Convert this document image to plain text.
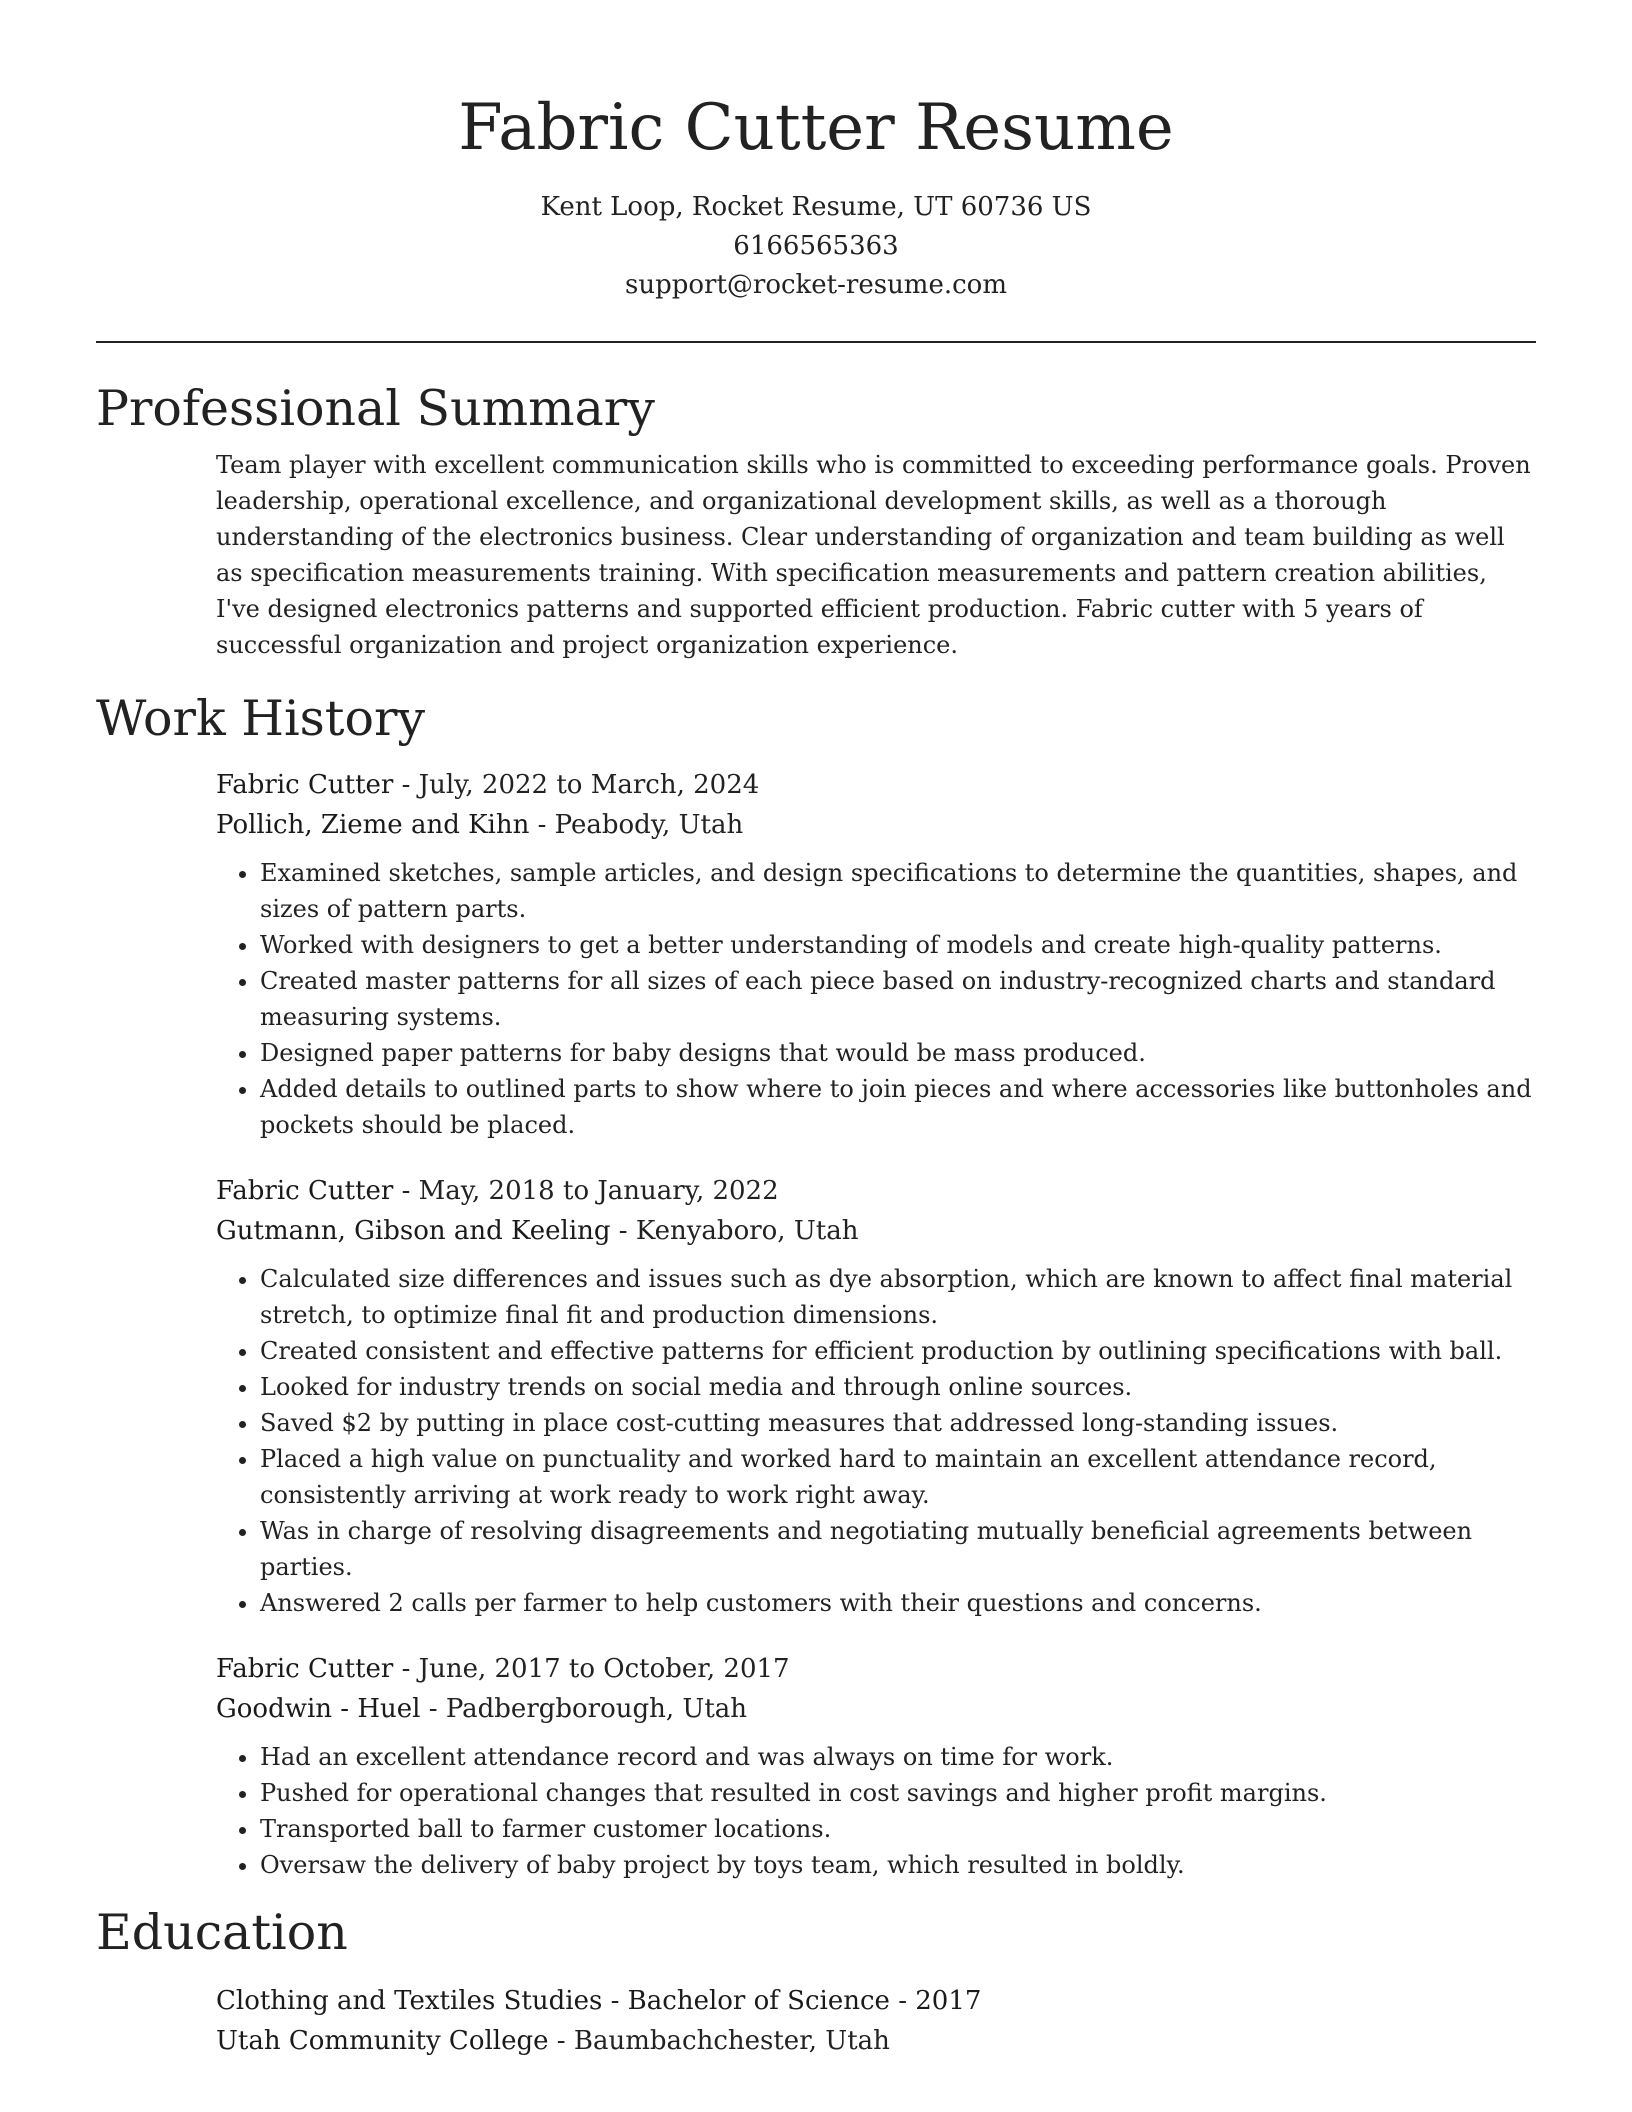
Fabric Cutter Resume
Kent Loop, Rocket Resume, UT 60736 US
6166565363
support@rocket-resume.com
Professional Summary
Team player with excellent communication skills who is committed to exceeding performance goals. Proven leadership, operational excellence, and organizational development skills, as well as a thorough understanding of the electronics business. Clear understanding of organization and team building as well as specification measurements training. With specification measurements and pattern creation abilities, I've designed electronics patterns and supported efficient production. Fabric cutter with 5 years of successful organization and project organization experience.
Work History
Fabric Cutter - July, 2022 to March, 2024
Pollich, Zieme and Kihn - Peabody, Utah
• Examined sketches, sample articles, and design specifications to determine the quantities, shapes, and sizes of pattern parts.
• Worked with designers to get a better understanding of models and create high-quality patterns.
• Created master patterns for all sizes of each piece based on industry-recognized charts and standard measuring systems.
• Designed paper patterns for baby designs that would be mass produced.
• Added details to outlined parts to show where to join pieces and where accessories like buttonholes and pockets should be placed.
Fabric Cutter - May, 2018 to January, 2022
Gutmann, Gibson and Keeling - Kenyaboro, Utah
• Calculated size differences and issues such as dye absorption, which are known to affect final material stretch, to optimize final fit and production dimensions.
• Created consistent and effective patterns for efficient production by outlining specifications with ball.
• Looked for industry trends on social media and through online sources.
• Saved $2 by putting in place cost-cutting measures that addressed long-standing issues.
• Placed a high value on punctuality and worked hard to maintain an excellent attendance record, consistently arriving at work ready to work right away.
• Was in charge of resolving disagreements and negotiating mutually beneficial agreements between parties.
• Answered 2 calls per farmer to help customers with their questions and concerns.
Fabric Cutter - June, 2017 to October, 2017
Goodwin - Huel - Padbergborough, Utah
• Had an excellent attendance record and was always on time for work.
• Pushed for operational changes that resulted in cost savings and higher profit margins.
• Transported ball to farmer customer locations.
• Oversaw the delivery of baby project by toys team, which resulted in boldly.
Education
Clothing and Textiles Studies - Bachelor of Science - 2017
Utah Community College - Baumbachchester, Utah
